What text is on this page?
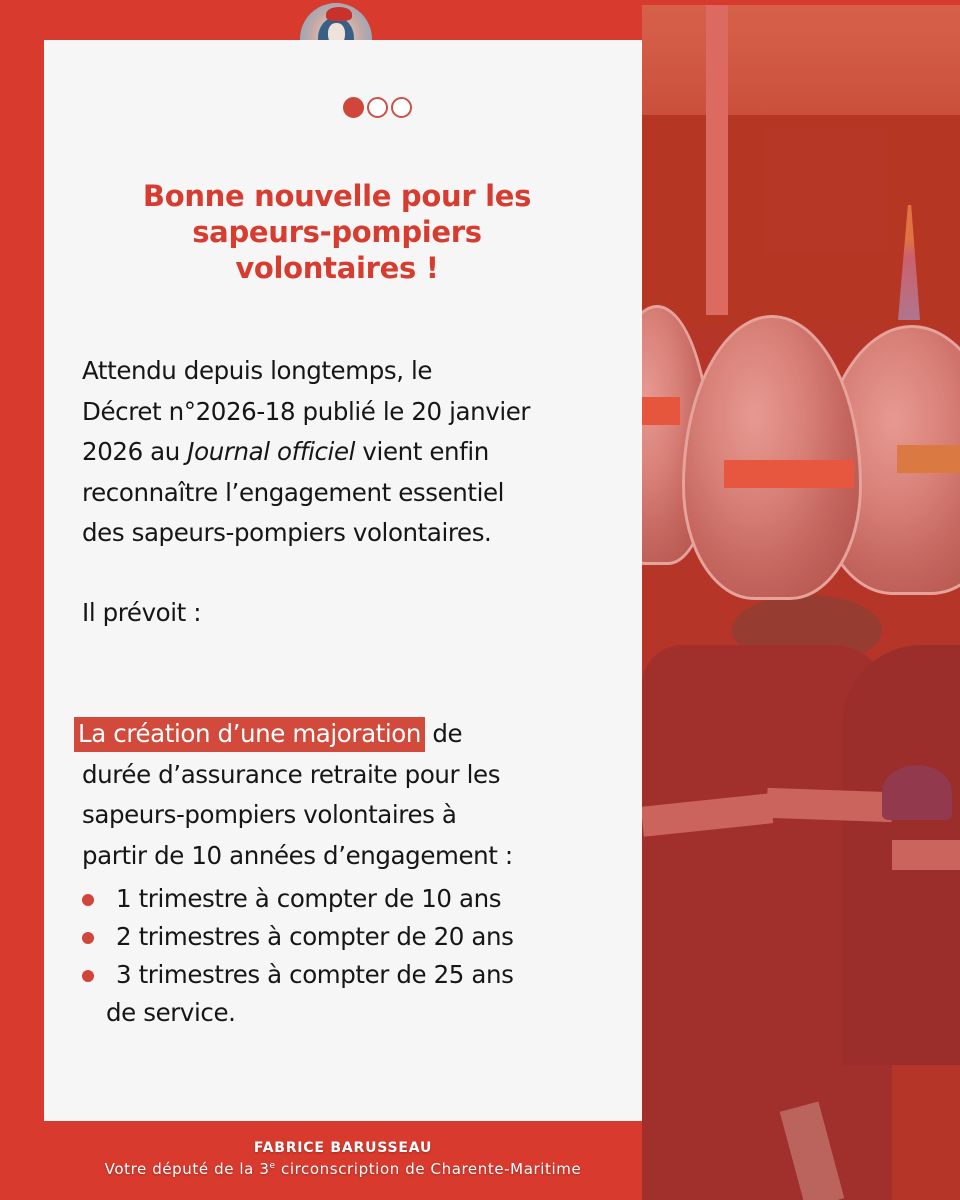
Bonne nouvelle pour les
sapeurs-pompiers
volontaires !
Attendu depuis longtemps, le
Décret n°2026-18 publié le 20 janvier
2026 au Journal officiel vient enfin
reconnaître l’engagement essentiel
des sapeurs-pompiers volontaires.
Il prévoit :
La création d’une majoration de
durée d’assurance retraite pour les
sapeurs-pompiers volontaires à
partir de 10 années d’engagement :
1 trimestre à compter de 10 ans
2 trimestres à compter de 20 ans
3 trimestres à compter de 25 ans
de service.
FABRICE BARUSSEAU
Votre député de la 3e circonscription de Charente-Maritime
